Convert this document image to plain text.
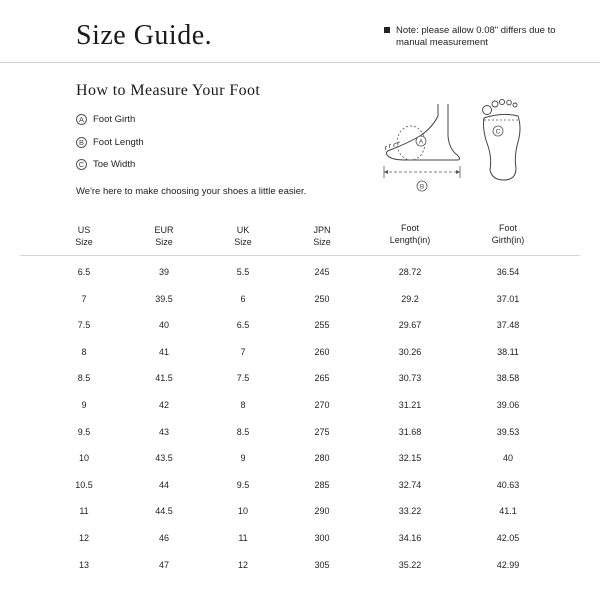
Size Guide.	Note: please allow 0.08" differs due to manual measurement
How to Measure Your Foot
A Foot Girth
B Foot Length
C Toe Width
We're here to make choosing your shoes a little easier.
A
B
C
US
Size
EUR
Size
UK
Size
JPN
Size
Foot
Length(in)
Foot
Girth(in)
6.5	39	5.5	245	28.72	36.54
7	39.5	6	250	29.2	37.01
7.5	40	6.5	255	29.67	37.48
8	41	7	260	30.26	38.11
8.5	41.5	7.5	265	30.73	38.58
9	42	8	270	31.21	39.06
9.5	43	8.5	275	31.68	39.53
10	43.5	9	280	32.15	40
10.5	44	9.5	285	32.74	40.63
11	44.5	10	290	33.22	41.1
12	46	11	300	34.16	42.05
13	47	12	305	35.22	42.99
